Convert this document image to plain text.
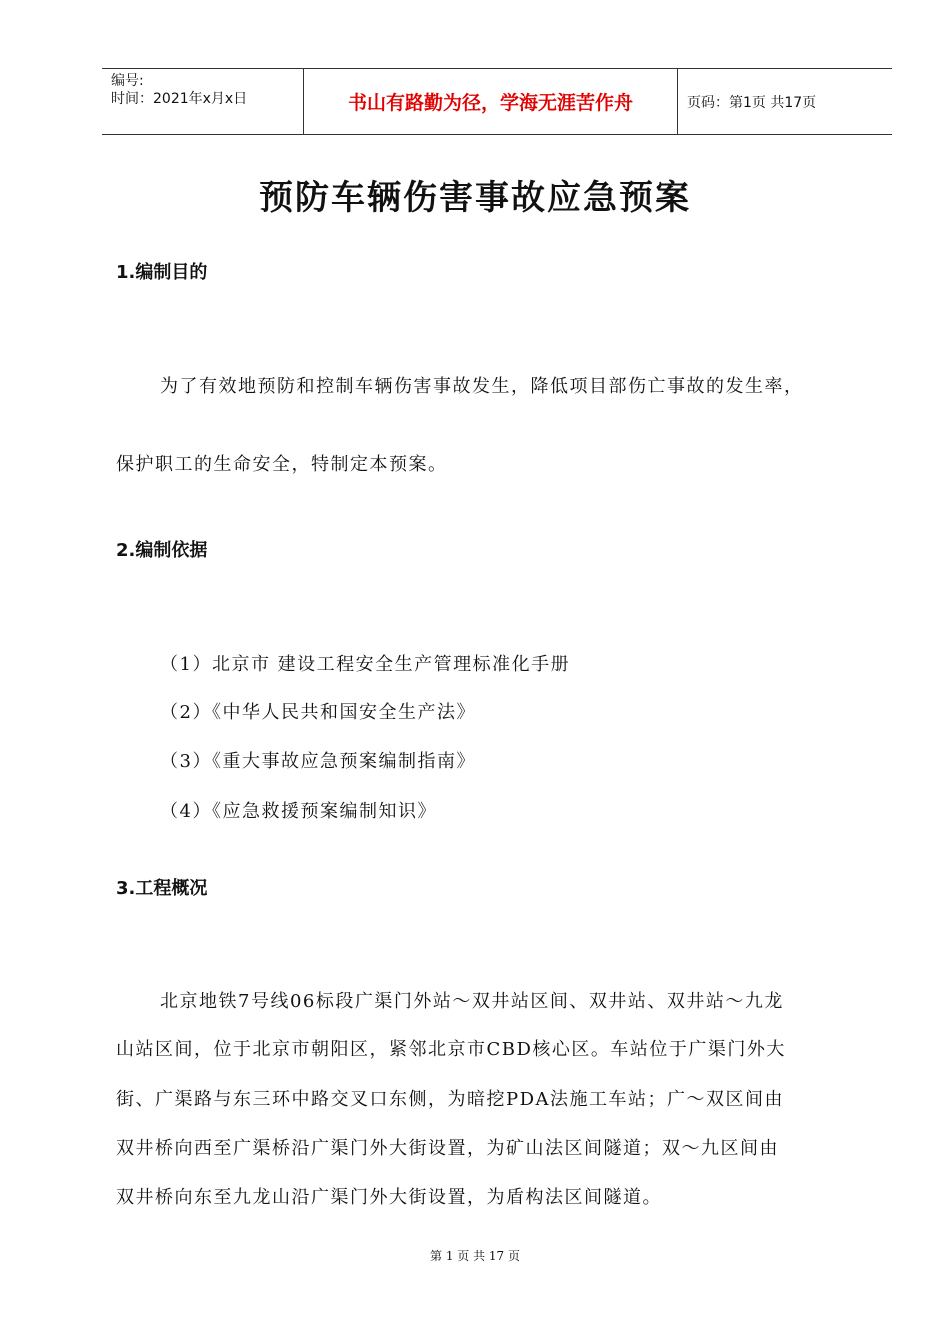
编号:
时间：2021年x月x日	书山有路勤为径，学海无涯苦作舟	页码：第1页 共17页
预防车辆伤害事故应急预案
1.编制目的
为了有效地预防和控制车辆伤害事故发生，降低项目部伤亡事故的发生率，
保护职工的生命安全，特制定本预案。
2.编制依据
（1）北京市 建设工程安全生产管理标准化手册
（2）《中华人民共和国安全生产法》
（3）《重大事故应急预案编制指南》
（4）《应急救援预案编制知识》
3.工程概况
北京地铁7号线06标段广渠门外站～双井站区间、双井站、双井站～九龙
山站区间，位于北京市朝阳区，紧邻北京市CBD核心区。车站位于广渠门外大
街、广渠路与东三环中路交叉口东侧，为暗挖PDA法施工车站；广～双区间由
双井桥向西至广渠桥沿广渠门外大街设置，为矿山法区间隧道；双～九区间由
双井桥向东至九龙山沿广渠门外大街设置，为盾构法区间隧道。
第 1 页 共 17 页
